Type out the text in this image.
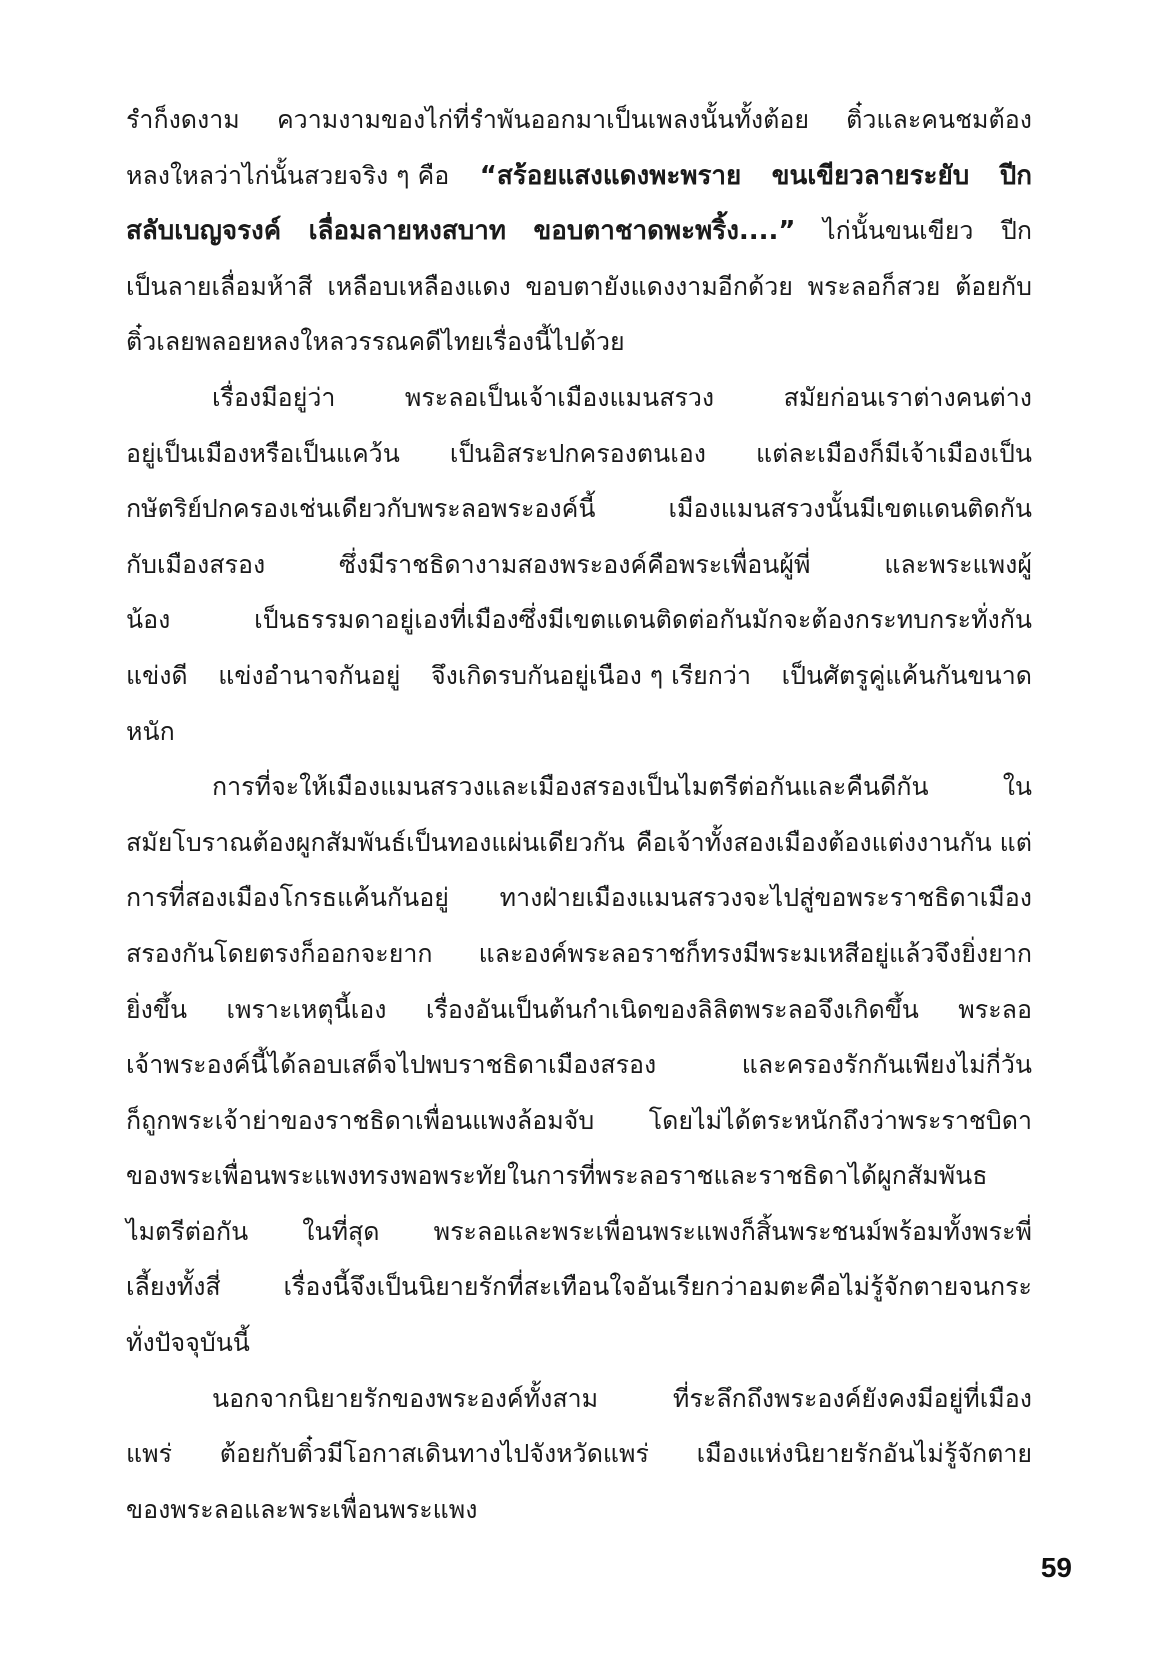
รำก็งดงาม ความงามของไก่ที่รำพันออกมาเป็นเพลงนั้นทั้งต้อย ติ๋วและคนชมต้อง
หลงใหลว่าไก่นั้นสวยจริง ๆ คือ “สร้อยแสงแดงพะพราย ขนเขียวลายระยับ ปีก
สลับเบญจรงค์ เลื่อมลายหงสบาท ขอบตาชาดพะพริ้ง....” ไก่นั้นขนเขียว ปีก
เป็นลายเลื่อมห้าสี เหลือบเหลืองแดง ขอบตายังแดงงามอีกด้วย พระลอก็สวย ต้อยกับ
ติ๋วเลยพลอยหลงใหลวรรณคดีไทยเรื่องนี้ไปด้วย
เรื่องมีอยู่ว่า	พระลอเป็นเจ้าเมืองแมนสรวง	สมัยก่อนเราต่างคนต่าง
อยู่เป็นเมืองหรือเป็นแคว้น เป็นอิสระปกครองตนเอง แต่ละเมืองก็มีเจ้าเมืองเป็น
กษัตริย์ปกครองเช่นเดียวกับพระลอพระองค์นี้	เมืองแมนสรวงนั้นมีเขตแดนติดกัน
กับเมืองสรอง	ซึ่งมีราชธิดางามสองพระองค์คือพระเพื่อนผู้พี่	และพระแพงผู้
น้อง	เป็นธรรมดาอยู่เองที่เมืองซึ่งมีเขตแดนติดต่อกันมักจะต้องกระทบกระทั่งกัน
แข่งดี แข่งอำนาจกันอยู่ จึงเกิดรบกันอยู่เนือง ๆ เรียกว่า เป็นศัตรูคู่แค้นกันขนาด
หนัก
การที่จะให้เมืองแมนสรวงและเมืองสรองเป็นไมตรีต่อกันและคืนดีกัน	ใน
สมัยโบราณต้องผูกสัมพันธ์เป็นทองแผ่นเดียวกัน คือเจ้าทั้งสองเมืองต้องแต่งงานกัน แต่
การที่สองเมืองโกรธแค้นกันอยู่ ทางฝ่ายเมืองแมนสรวงจะไปสู่ขอพระราชธิดาเมือง
สรองกันโดยตรงก็ออกจะยาก และองค์พระลอราชก็ทรงมีพระมเหสีอยู่แล้วจึงยิ่งยาก
ยิ่งขึ้น เพราะเหตุนี้เอง เรื่องอันเป็นต้นกำเนิดของลิลิตพระลอจึงเกิดขึ้น พระลอ
เจ้าพระองค์นี้ได้ลอบเสด็จไปพบราชธิดาเมืองสรอง	และครองรักกันเพียงไม่กี่วัน
ก็ถูกพระเจ้าย่าของราชธิดาเพื่อนแพงล้อมจับ โดยไม่ได้ตระหนักถึงว่าพระราชบิดา
ของพระเพื่อนพระแพงทรงพอพระทัยในการที่พระลอราชและราชธิดาได้ผูกสัมพันธ
ไมตรีต่อกัน ในที่สุด พระลอและพระเพื่อนพระแพงก็สิ้นพระชนม์พร้อมทั้งพระพี่
เลี้ยงทั้งสี่	เรื่องนี้จึงเป็นนิยายรักที่สะเทือนใจอันเรียกว่าอมตะคือไม่รู้จักตายจนกระ
ทั่งปัจจุบันนี้
นอกจากนิยายรักของพระองค์ทั้งสาม	ที่ระลึกถึงพระองค์ยังคงมีอยู่ที่เมือง
แพร่ ต้อยกับติ๋วมีโอกาสเดินทางไปจังหวัดแพร่ เมืองแห่งนิยายรักอันไม่รู้จักตาย
ของพระลอและพระเพื่อนพระแพง
59
